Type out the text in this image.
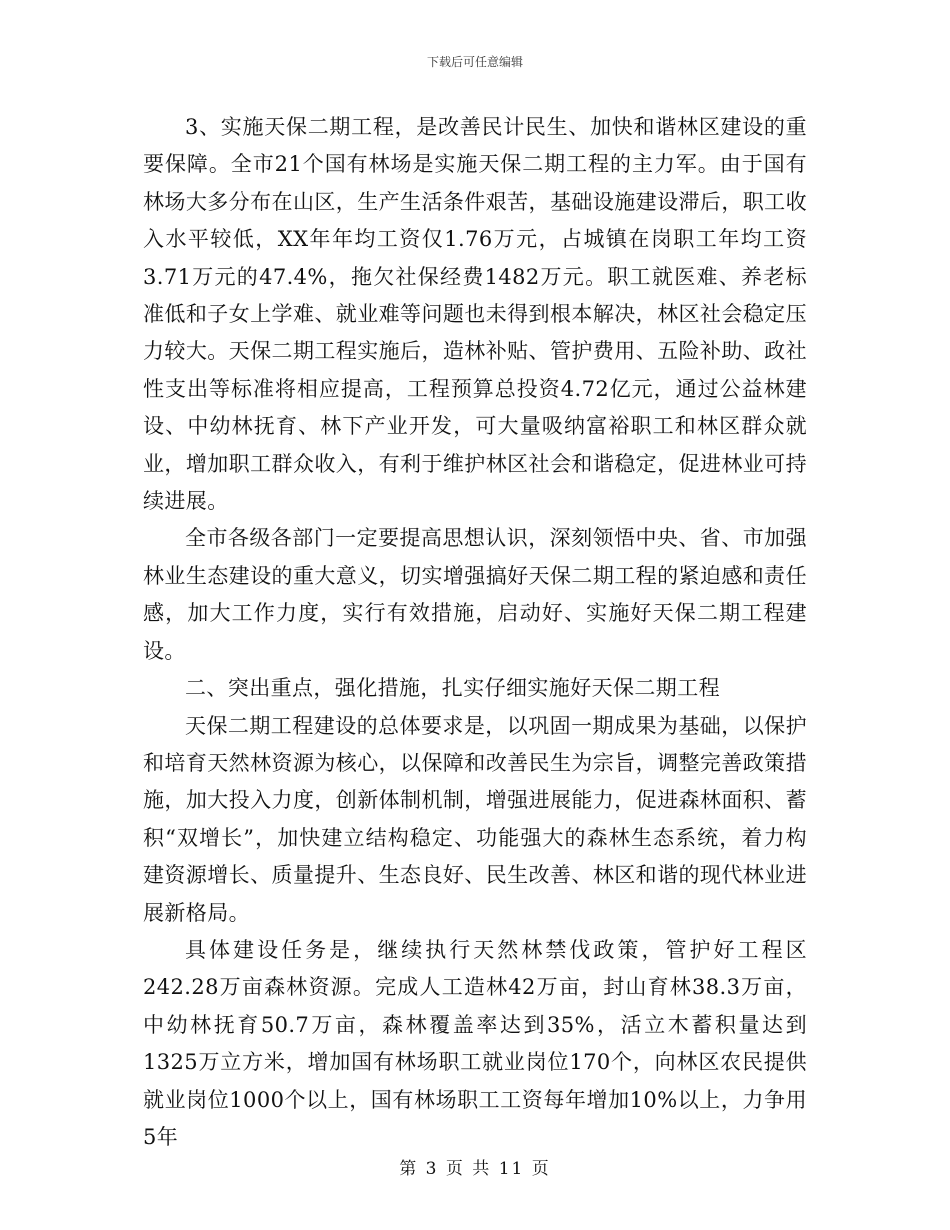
下载后可任意编辑

3、实施天保二期工程，是改善民计民生、加快和谐林区建设的重要保障。全市21个国有林场是实施天保二期工程的主力军。由于国有林场大多分布在山区，生产生活条件艰苦，基础设施建设滞后，职工收入水平较低，XX年年均工资仅1.76万元，占城镇在岗职工年均工资3.71万元的47.4%，拖欠社保经费1482万元。职工就医难、养老标准低和子女上学难、就业难等问题也未得到根本解决，林区社会稳定压力较大。天保二期工程实施后，造林补贴、管护费用、五险补助、政社性支出等标准将相应提高，工程预算总投资4.72亿元，通过公益林建设、中幼林抚育、林下产业开发，可大量吸纳富裕职工和林区群众就业，增加职工群众收入，有利于维护林区社会和谐稳定，促进林业可持续进展。

全市各级各部门一定要提高思想认识，深刻领悟中央、省、市加强林业生态建设的重大意义，切实增强搞好天保二期工程的紧迫感和责任感，加大工作力度，实行有效措施，启动好、实施好天保二期工程建设。

二、突出重点，强化措施，扎实仔细实施好天保二期工程

天保二期工程建设的总体要求是，以巩固一期成果为基础，以保护和培育天然林资源为核心，以保障和改善民生为宗旨，调整完善政策措施，加大投入力度，创新体制机制，增强进展能力，促进森林面积、蓄积“双增长”，加快建立结构稳定、功能强大的森林生态系统，着力构建资源增长、质量提升、生态良好、民生改善、林区和谐的现代林业进展新格局。

具体建设任务是，继续执行天然林禁伐政策，管护好工程区242.28万亩森林资源。完成人工造林42万亩，封山育林38.3万亩，中幼林抚育50.7万亩，森林覆盖率达到35%，活立木蓄积量达到1325万立方米，增加国有林场职工就业岗位170个，向林区农民提供就业岗位1000个以上，国有林场职工工资每年增加10%以上，力争用5年

第 3 页 共 11 页
